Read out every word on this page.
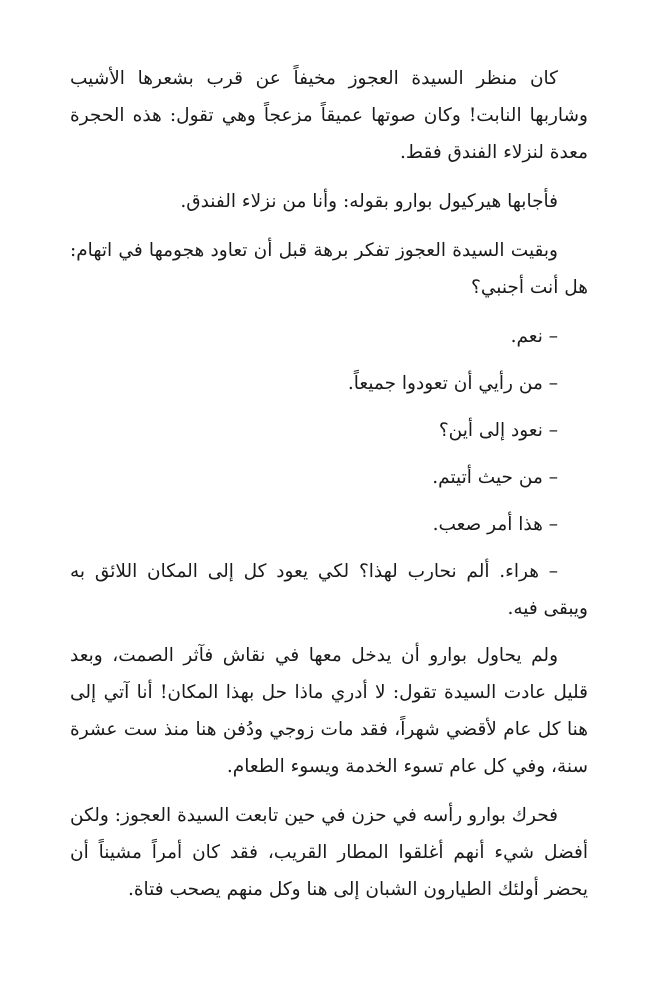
كان منظر السيدة العجوز مخيفاً عن قرب بشعرها الأشيب وشاربها النابت! وكان صوتها عميقاً مزعجاً وهي تقول: هذه الحجرة معدة لنزلاء الفندق فقط.

فأجابها هيركيول بوارو بقوله: وأنا من نزلاء الفندق.

وبقيت السيدة العجوز تفكر برهة قبل أن تعاود هجومها في اتهام: هل أنت أجنبي؟

– نعم.

– من رأيي أن تعودوا جميعاً.

– نعود إلى أين؟

– من حيث أتيتم.

– هذا أمر صعب.

– هراء. ألم نحارب لهذا؟ لكي يعود كل إلى المكان اللائق به ويبقى فيه.

ولم يحاول بوارو أن يدخل معها في نقاش فآثر الصمت، وبعد قليل عادت السيدة تقول: لا أدري ماذا حل بهذا المكان! أنا آتي إلى هنا كل عام لأقضي شهراً، فقد مات زوجي ودُفن هنا منذ ست عشرة سنة، وفي كل عام تسوء الخدمة ويسوء الطعام.

فحرك بوارو رأسه في حزن في حين تابعت السيدة العجوز: ولكن أفضل شيء أنهم أغلقوا المطار القريب، فقد كان أمراً مشيناً أن يحضر أولئك الطيارون الشبان إلى هنا وكل منهم يصحب فتاة.
